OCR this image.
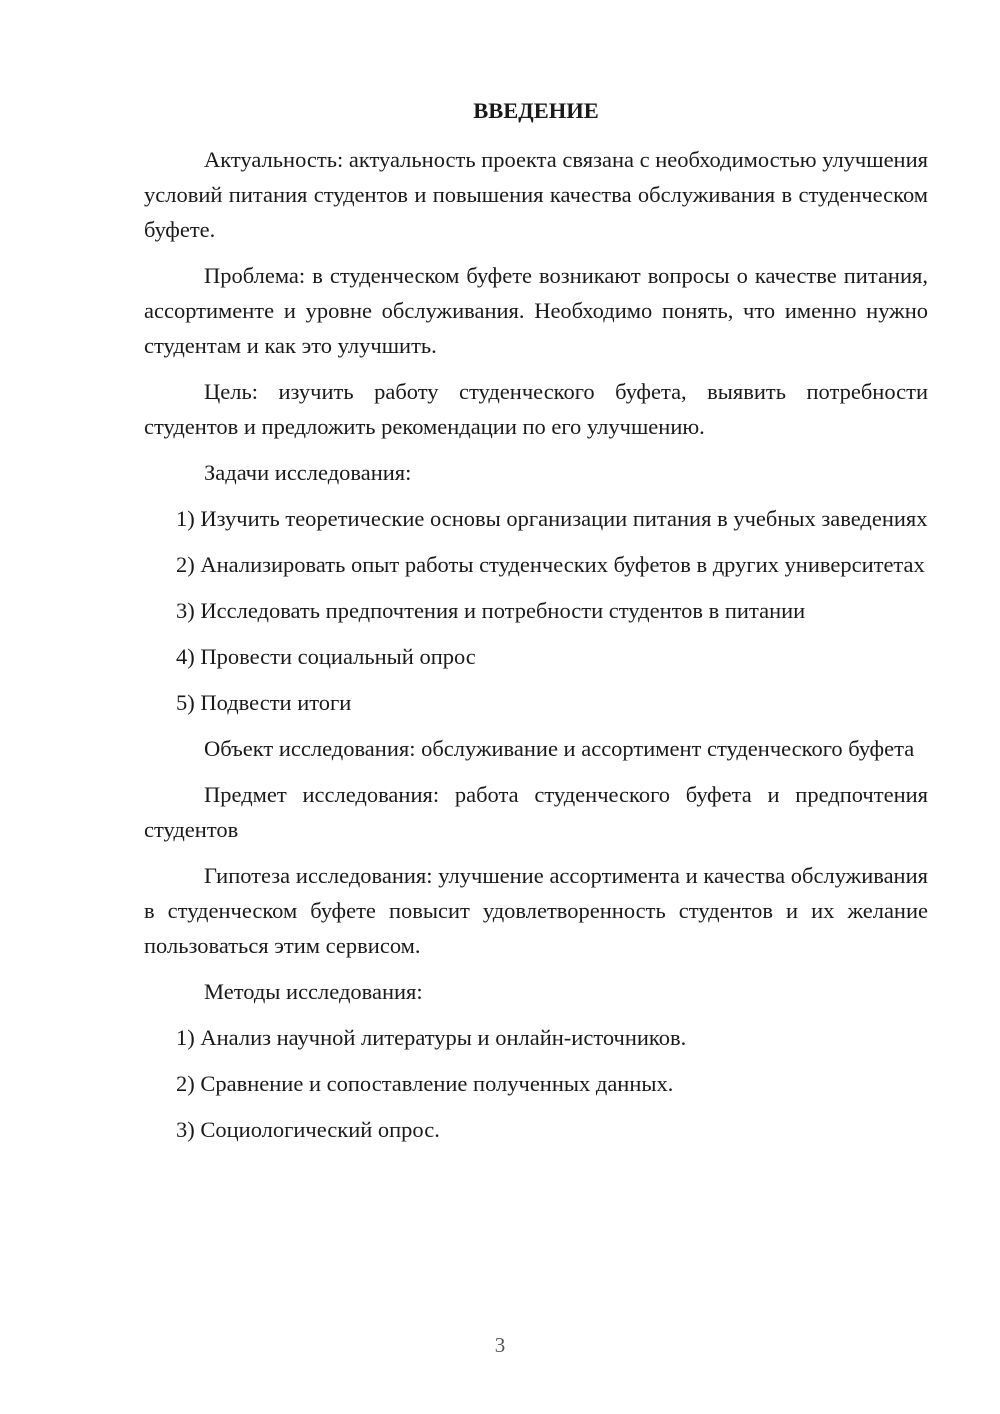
ВВЕДЕНИЕ

Актуальность: актуальность проекта связана с необходимостью улучшения условий питания студентов и повышения качества обслуживания в студенческом буфете.

Проблема: в студенческом буфете возникают вопросы о качестве питания, ассортименте и уровне обслуживания. Необходимо понять, что именно нужно студентам и как это улучшить.

Цель: изучить работу студенческого буфета, выявить потребности студентов и предложить рекомендации по его улучшению.

Задачи исследования:

1) Изучить теоретические основы организации питания в учебных заведениях

2) Анализировать опыт работы студенческих буфетов в других университетах

3) Исследовать предпочтения и потребности студентов в питании

4) Провести социальный опрос

5) Подвести итоги

Объект исследования: обслуживание и ассортимент студенческого буфета

Предмет исследования: работа студенческого буфета и предпочтения студентов

Гипотеза исследования: улучшение ассортимента и качества обслуживания в студенческом буфете повысит удовлетворенность студентов и их желание пользоваться этим сервисом.

Методы исследования:

1) Анализ научной литературы и онлайн-источников.

2) Сравнение и сопоставление полученных данных.

3) Социологический опрос.

3
